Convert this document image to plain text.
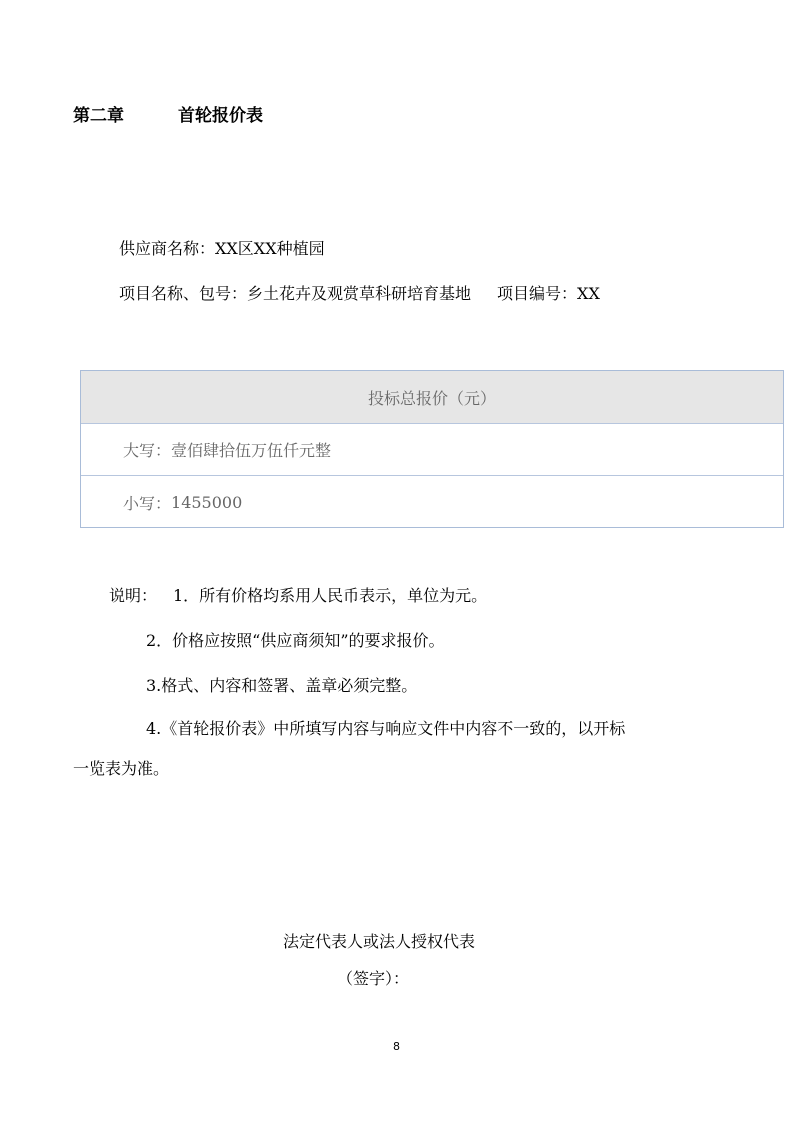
第二章	首轮报价表
供应商名称：XX区XX种植园
项目名称、包号：乡土花卉及观赏草科研培育基地 项目编号：XX
投标总报价（元）
大写： 壹佰肆拾伍万伍仟元整
小写： 1455000
说明： 1．所有价格均系用人民币表示，单位为元。
2．价格应按照“供应商须知”的要求报价。
3.格式、内容和签署、盖章必须完整。
4.《首轮报价表》中所填写内容与响应文件中内容不一致的，以开标
一览表为准。
法定代表人或法人授权代表
（签字）：
8
